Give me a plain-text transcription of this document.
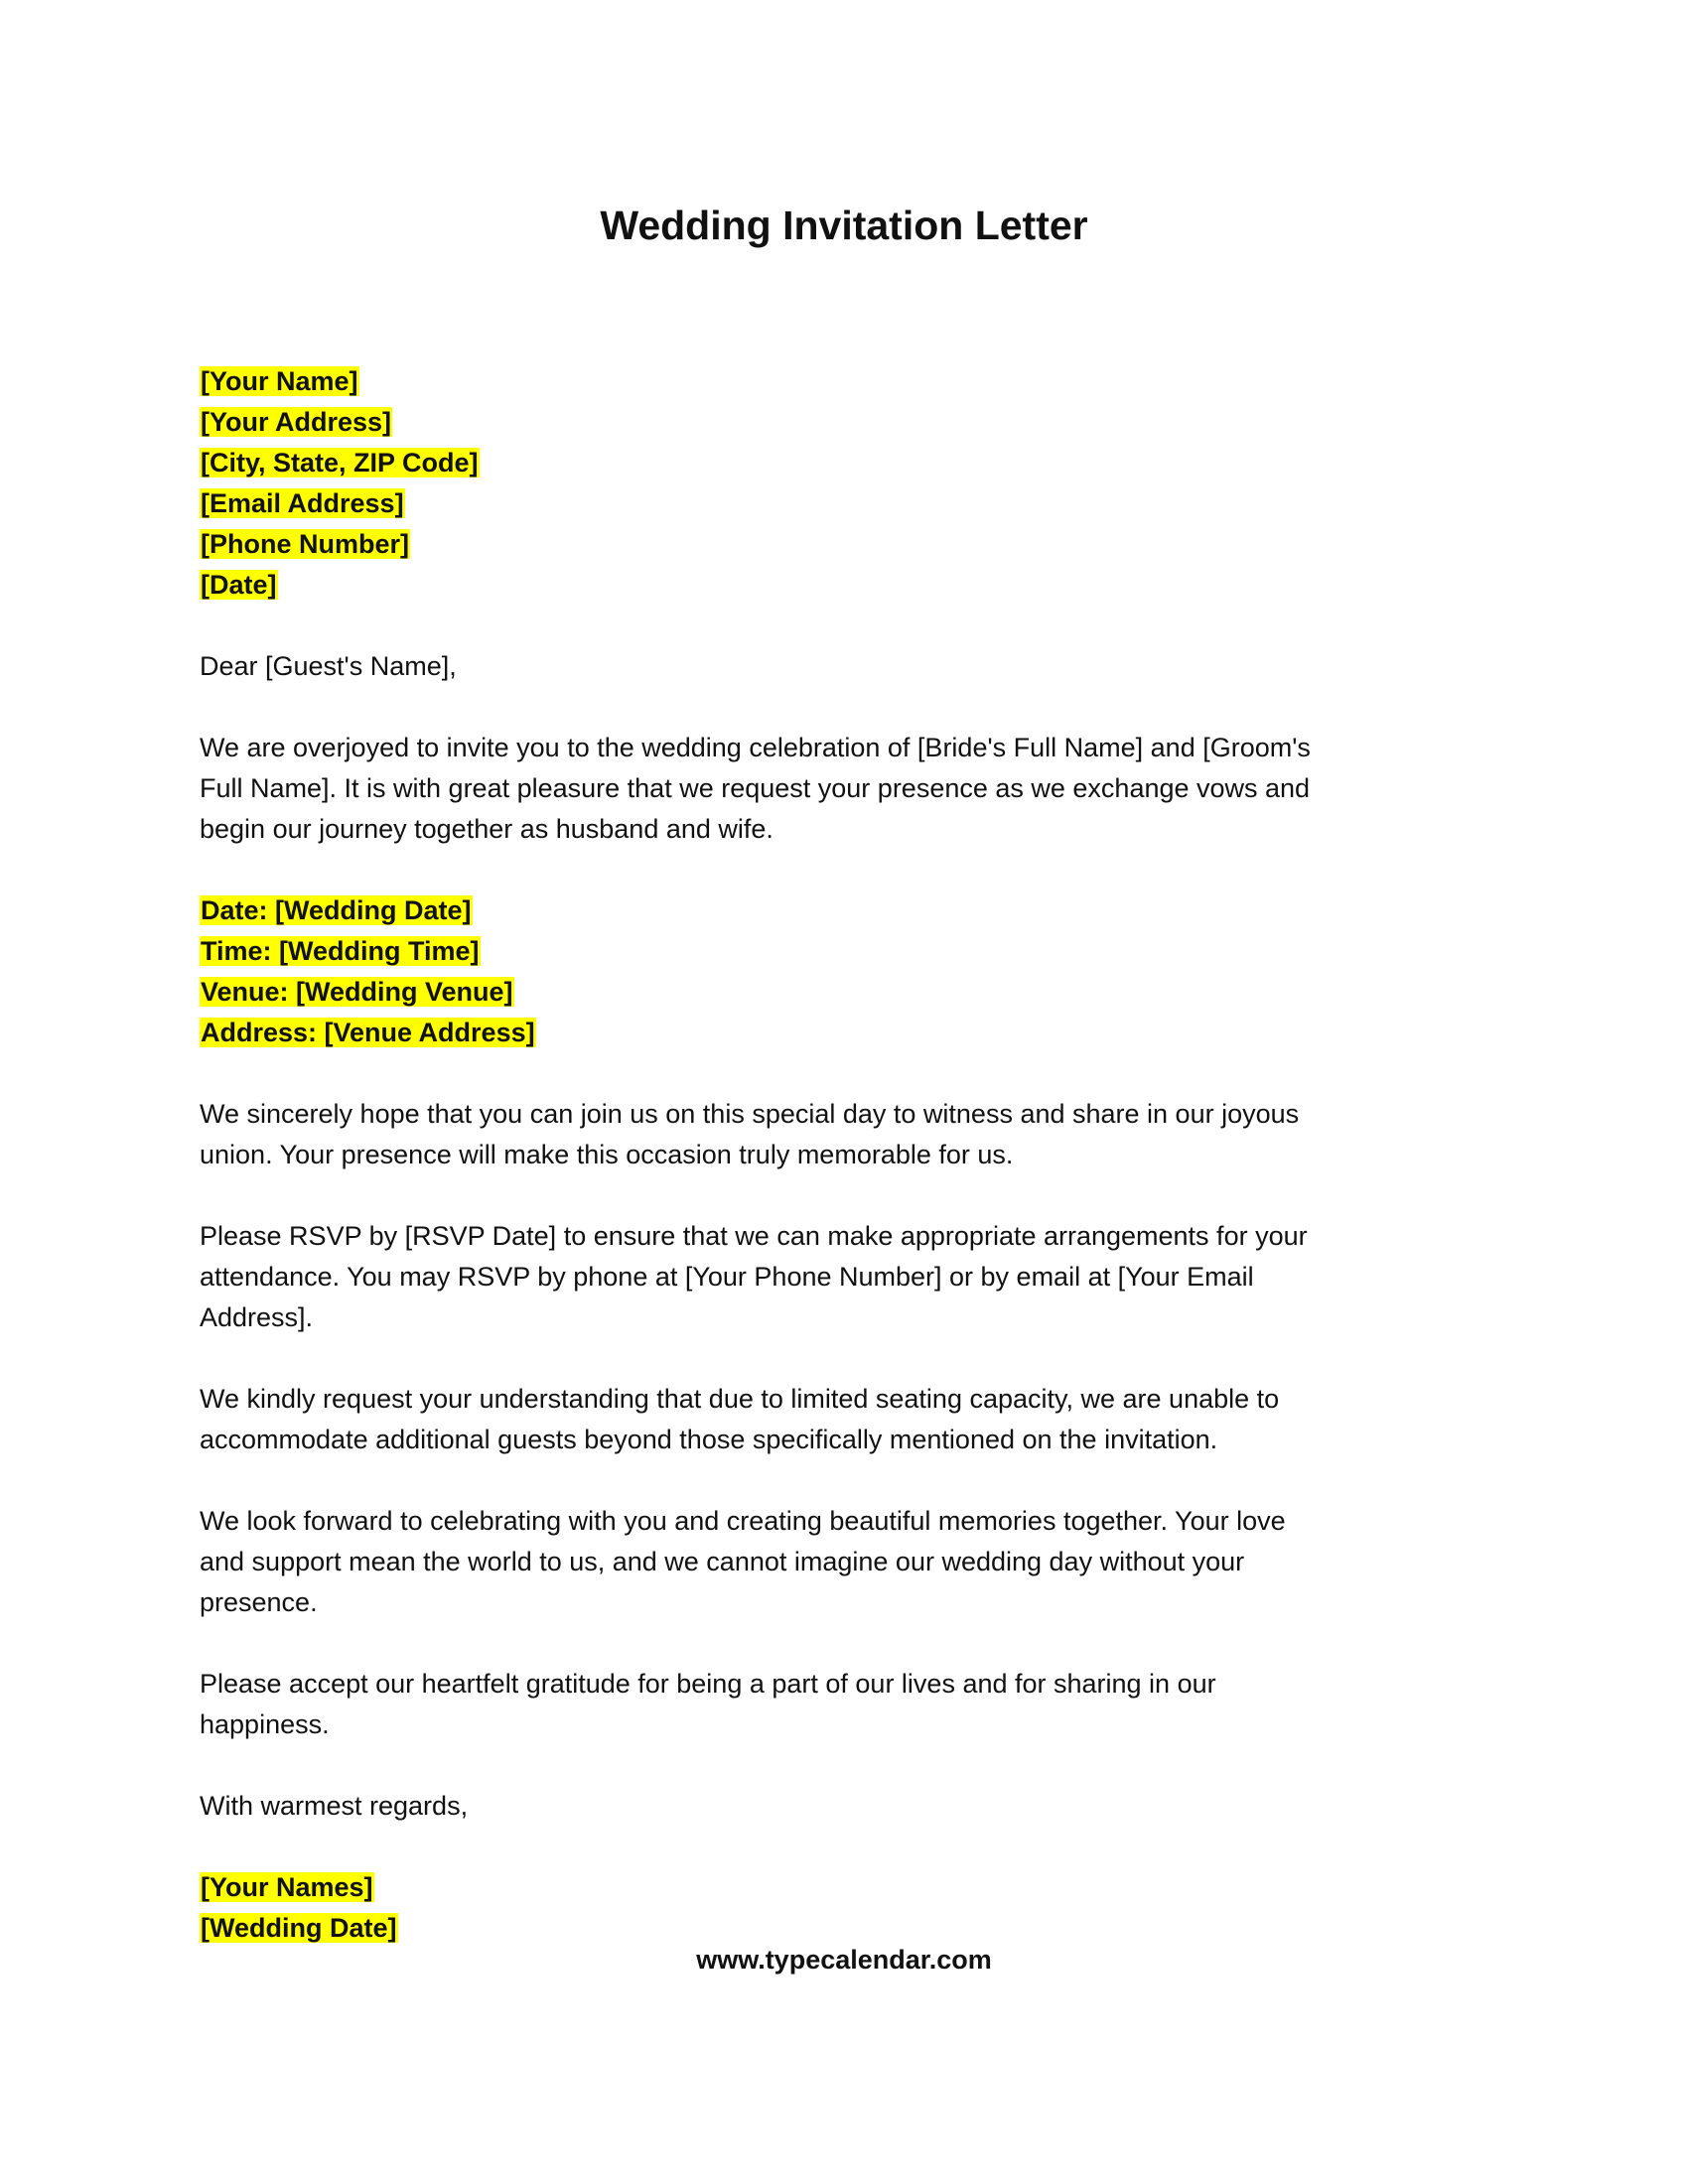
Wedding Invitation Letter
[Your Name]
[Your Address]
[City, State, ZIP Code]
[Email Address]
[Phone Number]
[Date]
Dear [Guest's Name],
We are overjoyed to invite you to the wedding celebration of [Bride's Full Name] and [Groom's
Full Name]. It is with great pleasure that we request your presence as we exchange vows and
begin our journey together as husband and wife.
Date: [Wedding Date]
Time: [Wedding Time]
Venue: [Wedding Venue]
Address: [Venue Address]
We sincerely hope that you can join us on this special day to witness and share in our joyous
union. Your presence will make this occasion truly memorable for us.
Please RSVP by [RSVP Date] to ensure that we can make appropriate arrangements for your
attendance. You may RSVP by phone at [Your Phone Number] or by email at [Your Email
Address].
We kindly request your understanding that due to limited seating capacity, we are unable to
accommodate additional guests beyond those specifically mentioned on the invitation.
We look forward to celebrating with you and creating beautiful memories together. Your love
and support mean the world to us, and we cannot imagine our wedding day without your
presence.
Please accept our heartfelt gratitude for being a part of our lives and for sharing in our
happiness.
With warmest regards,
[Your Names]
[Wedding Date]
www.typecalendar.com
